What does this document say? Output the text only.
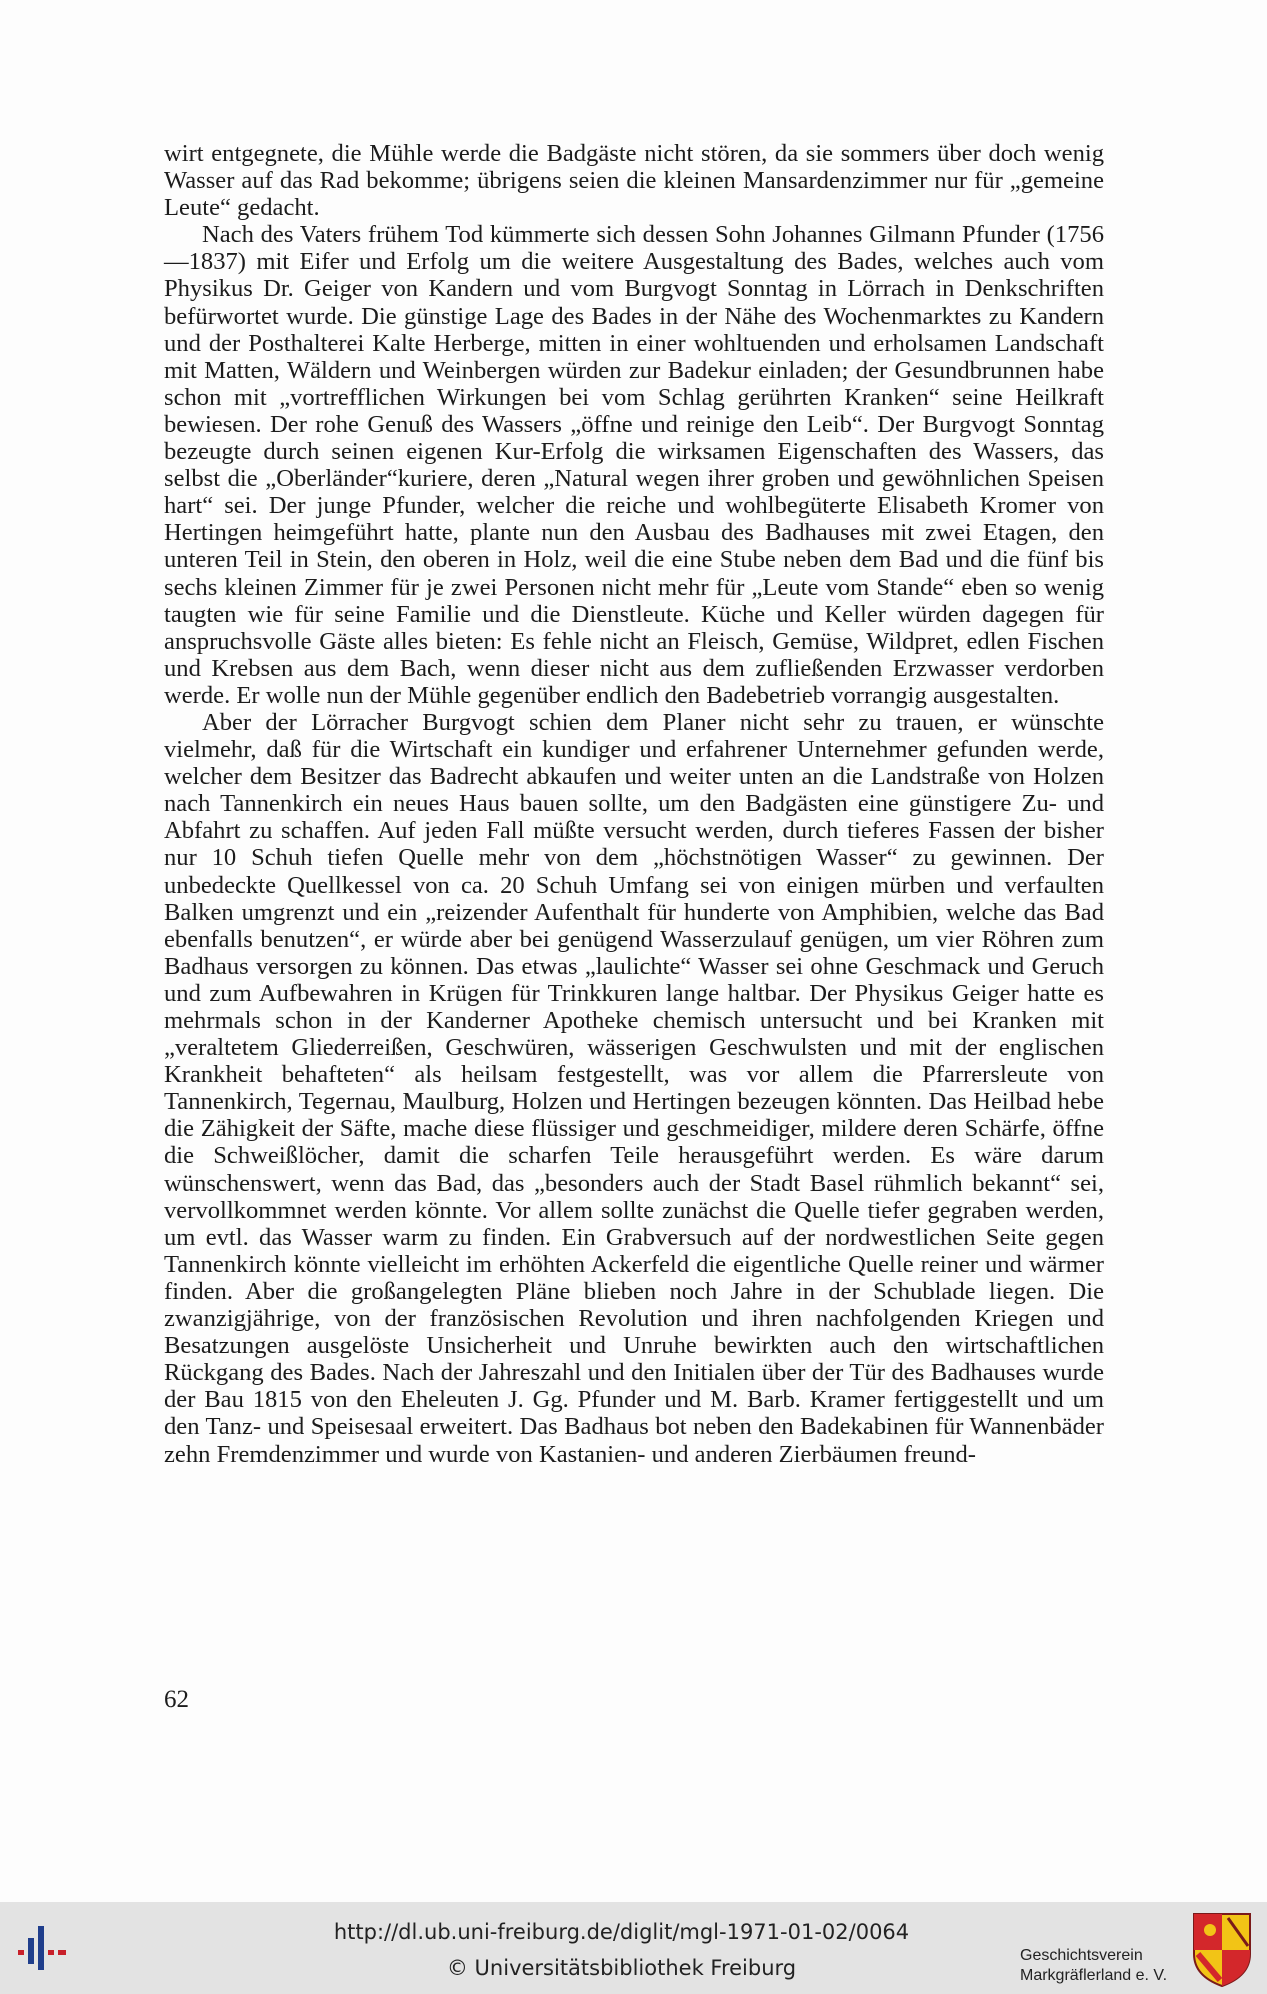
wirt entgegnete, die Mühle werde die Badgäste nicht stören, da sie sommers über doch wenig Wasser auf das Rad bekomme; übrigens seien die kleinen Mansardenzimmer nur für „gemeine Leute“ gedacht.

Nach des Vaters frühem Tod kümmerte sich dessen Sohn Johannes Gilmann Pfunder (1756—1837) mit Eifer und Erfolg um die weitere Ausgestaltung des Bades, welches auch vom Physikus Dr. Geiger von Kandern und vom Burgvogt Sonntag in Lörrach in Denkschriften befürwortet wurde. Die günstige Lage des Bades in der Nähe des Wochenmarktes zu Kandern und der Posthalterei Kalte Herberge, mitten in einer wohltuenden und erholsamen Landschaft mit Matten, Wäldern und Weinbergen würden zur Badekur einladen; der Gesundbrunnen habe schon mit „vortrefflichen Wirkungen bei vom Schlag gerührten Kranken“ seine Heilkraft bewiesen. Der rohe Genuß des Wassers „öffne und reinige den Leib“. Der Burgvogt Sonntag bezeugte durch seinen eigenen Kur-Erfolg die wirksamen Eigenschaften des Wassers, das selbst die „Oberländer“kuriere, deren „Natural wegen ihrer groben und gewöhnlichen Speisen hart“ sei. Der junge Pfunder, welcher die reiche und wohlbegüterte Elisabeth Kromer von Hertingen heimgeführt hatte, plante nun den Ausbau des Badhauses mit zwei Etagen, den unteren Teil in Stein, den oberen in Holz, weil die eine Stube neben dem Bad und die fünf bis sechs kleinen Zimmer für je zwei Personen nicht mehr für „Leute vom Stande“ eben so wenig taugten wie für seine Familie und die Dienstleute. Küche und Keller würden dagegen für anspruchsvolle Gäste alles bieten: Es fehle nicht an Fleisch, Gemüse, Wildpret, edlen Fischen und Krebsen aus dem Bach, wenn dieser nicht aus dem zufließenden Erzwasser verdorben werde. Er wolle nun der Mühle gegenüber endlich den Badebetrieb vorrangig ausgestalten.

Aber der Lörracher Burgvogt schien dem Planer nicht sehr zu trauen, er wünschte vielmehr, daß für die Wirtschaft ein kundiger und erfahrener Unternehmer gefunden werde, welcher dem Besitzer das Badrecht abkaufen und weiter unten an die Landstraße von Holzen nach Tannenkirch ein neues Haus bauen sollte, um den Badgästen eine günstigere Zu- und Abfahrt zu schaffen. Auf jeden Fall müßte versucht werden, durch tieferes Fassen der bisher nur 10 Schuh tiefen Quelle mehr von dem „höchstnötigen Wasser“ zu gewinnen. Der unbedeckte Quellkessel von ca. 20 Schuh Umfang sei von einigen mürben und verfaulten Balken umgrenzt und ein „reizender Aufenthalt für hunderte von Amphibien, welche das Bad ebenfalls benutzen“, er würde aber bei genügend Wasserzulauf genügen, um vier Röhren zum Badhaus versorgen zu können. Das etwas „laulichte“ Wasser sei ohne Geschmack und Geruch und zum Aufbewahren in Krügen für Trinkkuren lange haltbar. Der Physikus Geiger hatte es mehrmals schon in der Kanderner Apotheke chemisch untersucht und bei Kranken mit „veraltetem Gliederreißen, Geschwüren, wässerigen Geschwulsten und mit der englischen Krankheit behafteten“ als heilsam festgestellt, was vor allem die Pfarrersleute von Tannenkirch, Tegernau, Maulburg, Holzen und Hertingen bezeugen könnten. Das Heilbad hebe die Zähigkeit der Säfte, mache diese flüssiger und geschmeidiger, mildere deren Schärfe, öffne die Schweißlöcher, damit die scharfen Teile herausgeführt werden. Es wäre darum wünschenswert, wenn das Bad, das „besonders auch der Stadt Basel rühmlich bekannt“ sei, vervollkommnet werden könnte. Vor allem sollte zunächst die Quelle tiefer gegraben werden, um evtl. das Wasser warm zu finden. Ein Grabversuch auf der nordwestlichen Seite gegen Tannenkirch könnte vielleicht im erhöhten Ackerfeld die eigentliche Quelle reiner und wärmer finden. Aber die großangelegten Pläne blieben noch Jahre in der Schublade liegen. Die zwanzigjährige, von der französischen Revolution und ihren nachfolgenden Kriegen und Besatzungen ausgelöste Unsicherheit und Unruhe bewirkten auch den wirtschaftlichen Rückgang des Bades. Nach der Jahreszahl und den Initialen über der Tür des Badhauses wurde der Bau 1815 von den Eheleuten J. Gg. Pfunder und M. Barb. Kramer fertiggestellt und um den Tanz- und Speisesaal erweitert. Das Badhaus bot neben den Badekabinen für Wannenbäder zehn Fremdenzimmer und wurde von Kastanien- und anderen Zierbäumen freund-

62
http://dl.ub.uni-freiburg.de/diglit/mgl-1971-01-02/0064
© Universitätsbibliothek Freiburg
Geschichtsverein
Markgräflerland e. V.
